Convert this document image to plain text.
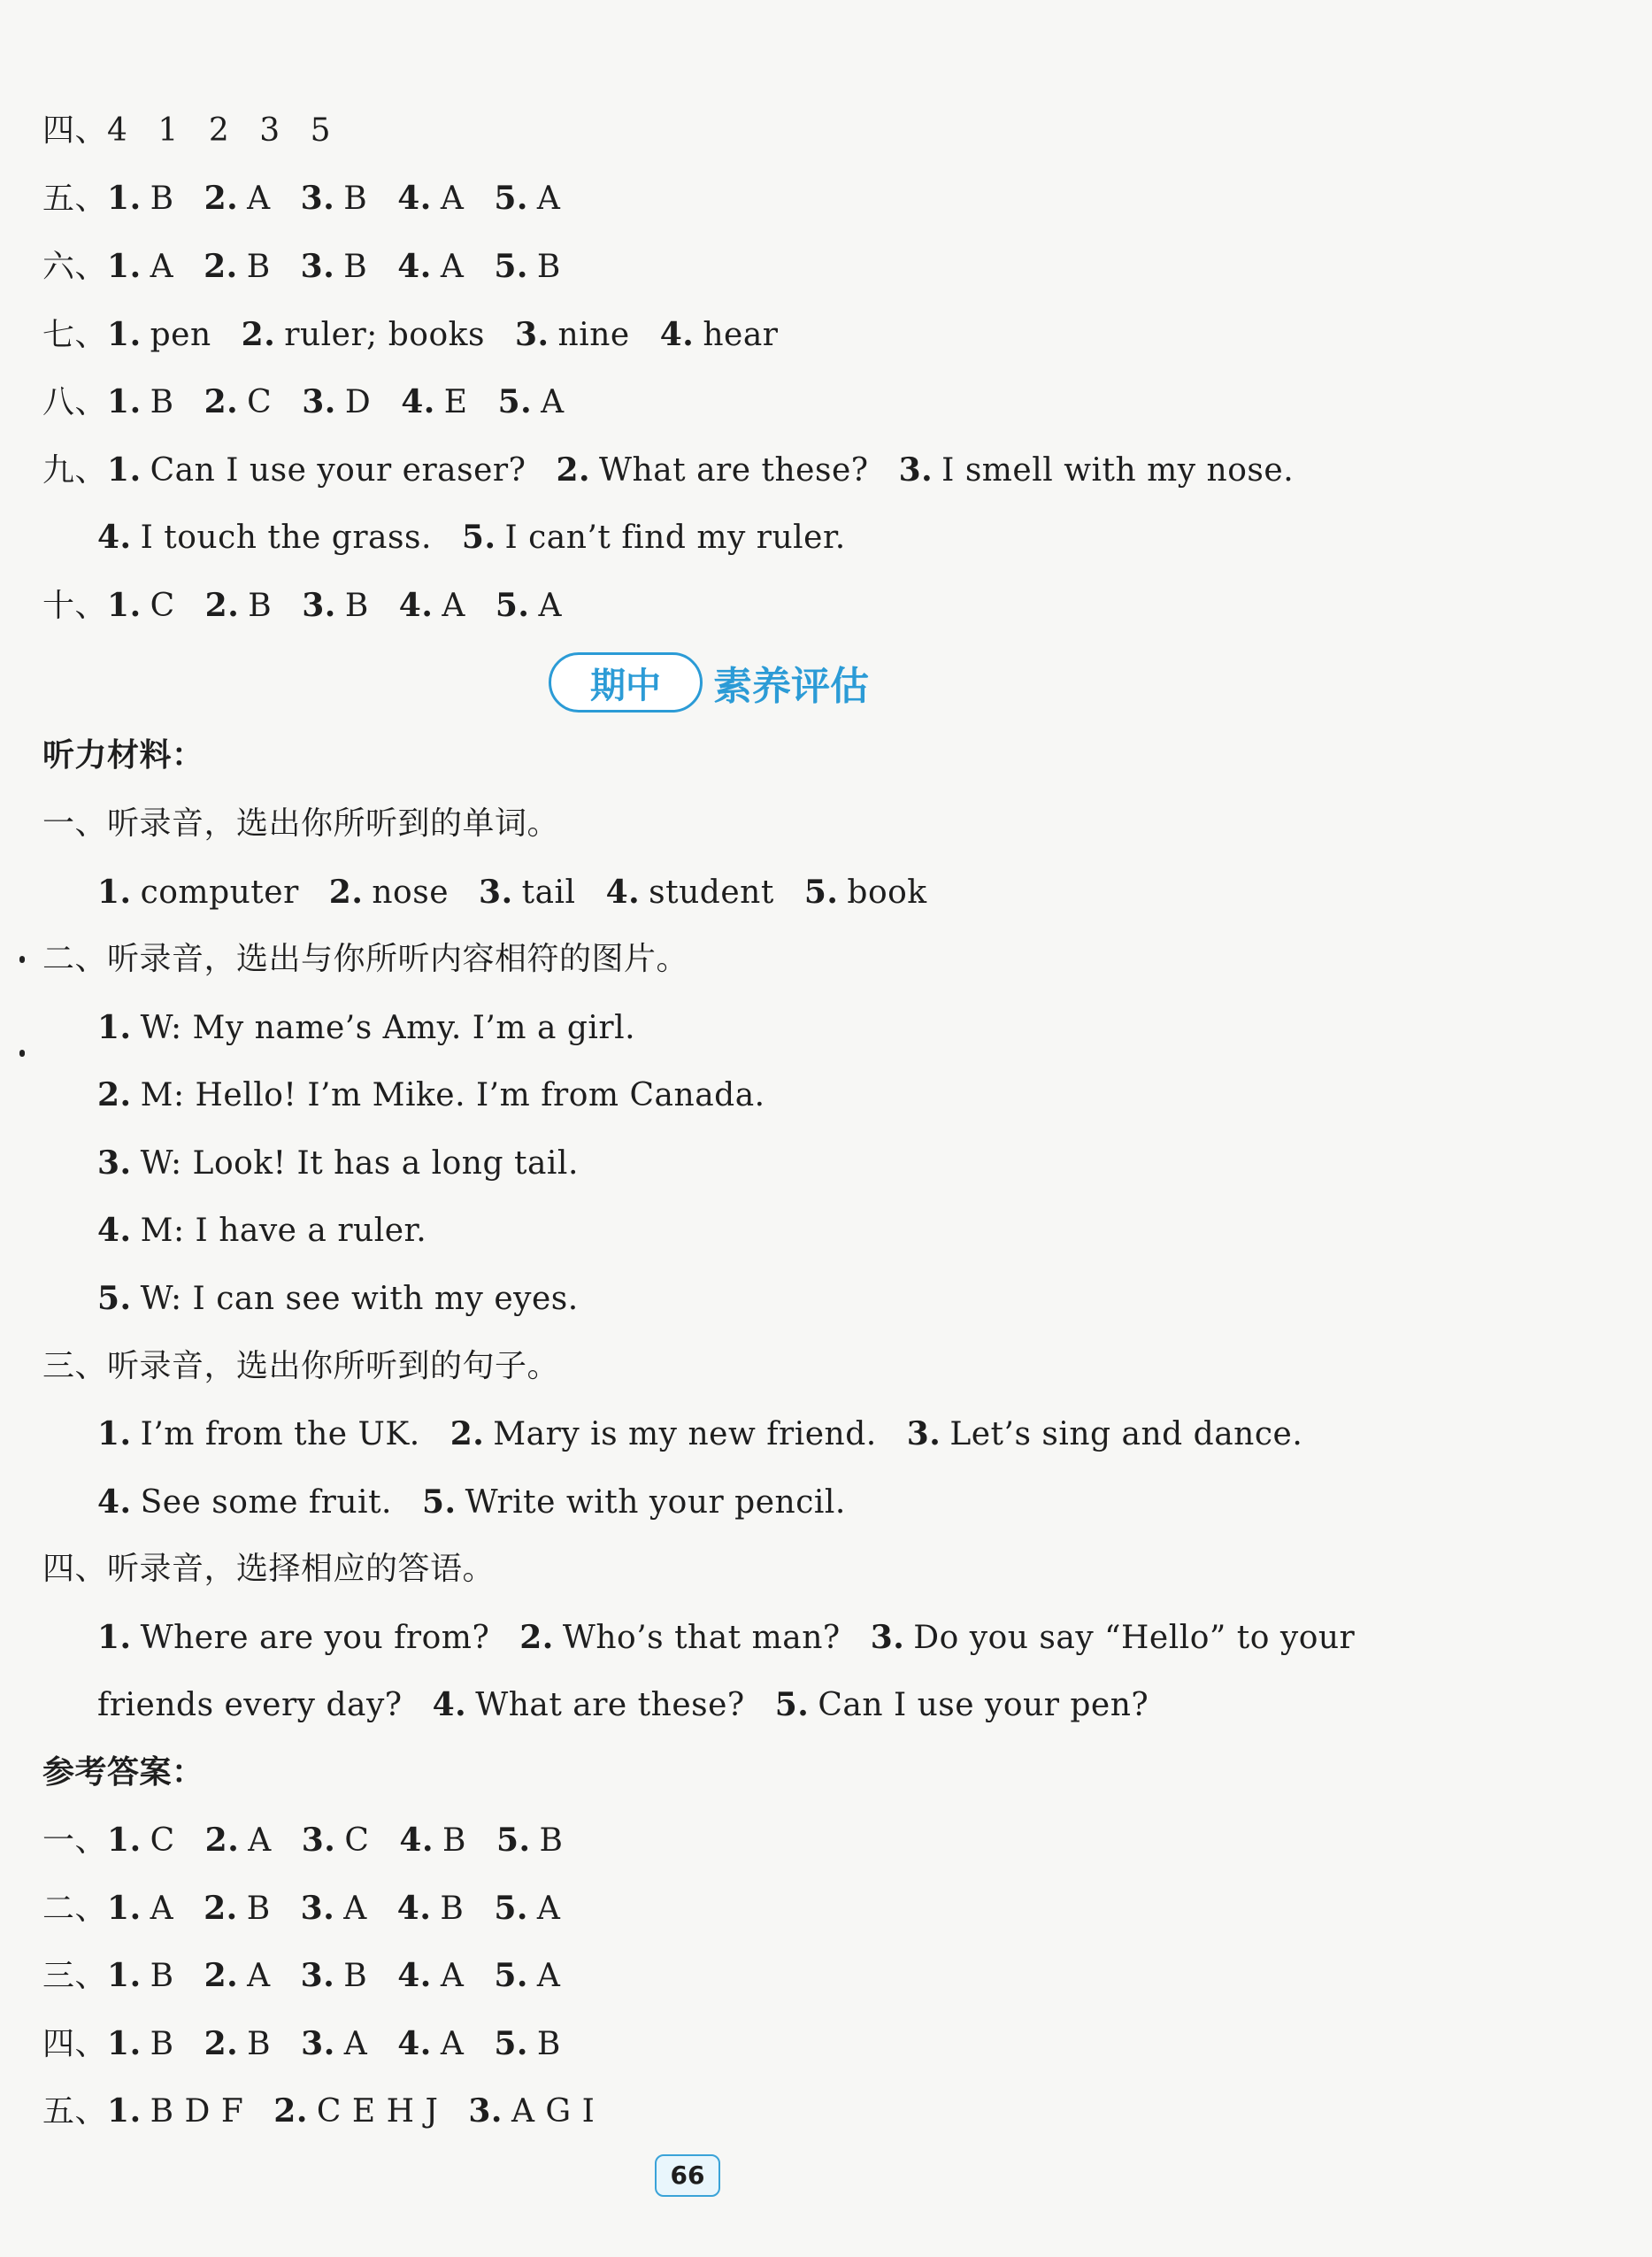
四、4 1 2 3 5
五、1. B 2. A 3. B 4. A 5. A
六、1. A 2. B 3. B 4. A 5. B
七、1. pen 2. ruler; books 3. nine 4. hear
八、1. B 2. C 3. D 4. E 5. A
九、1. Can I use your eraser? 2. What are these? 3. I smell with my nose.
4. I touch the grass. 5. I can’t find my ruler.
十、1. C 2. B 3. B 4. A 5. A
期中	素养评估
听力材料：
一、听录音，选出你所听到的单词。
1. computer 2. nose 3. tail 4. student 5. book
二、听录音，选出与你所听内容相符的图片。
1. W: My name’s Amy. I’m a girl.
2. M: Hello! I’m Mike. I’m from Canada.
3. W: Look! It has a long tail.
4. M: I have a ruler.
5. W: I can see with my eyes.
三、听录音，选出你所听到的句子。
1. I’m from the UK. 2. Mary is my new friend. 3. Let’s sing and dance.
4. See some fruit. 5. Write with your pencil.
四、听录音，选择相应的答语。
1. Where are you from? 2. Who’s that man? 3. Do you say “Hello” to your
friends every day? 4. What are these? 5. Can I use your pen?
参考答案：
一、1. C 2. A 3. C 4. B 5. B
二、1. A 2. B 3. A 4. B 5. A
三、1. B 2. A 3. B 4. A 5. A
四、1. B 2. B 3. A 4. A 5. B
五、1. B D F 2. C E H J 3. A G I
66
